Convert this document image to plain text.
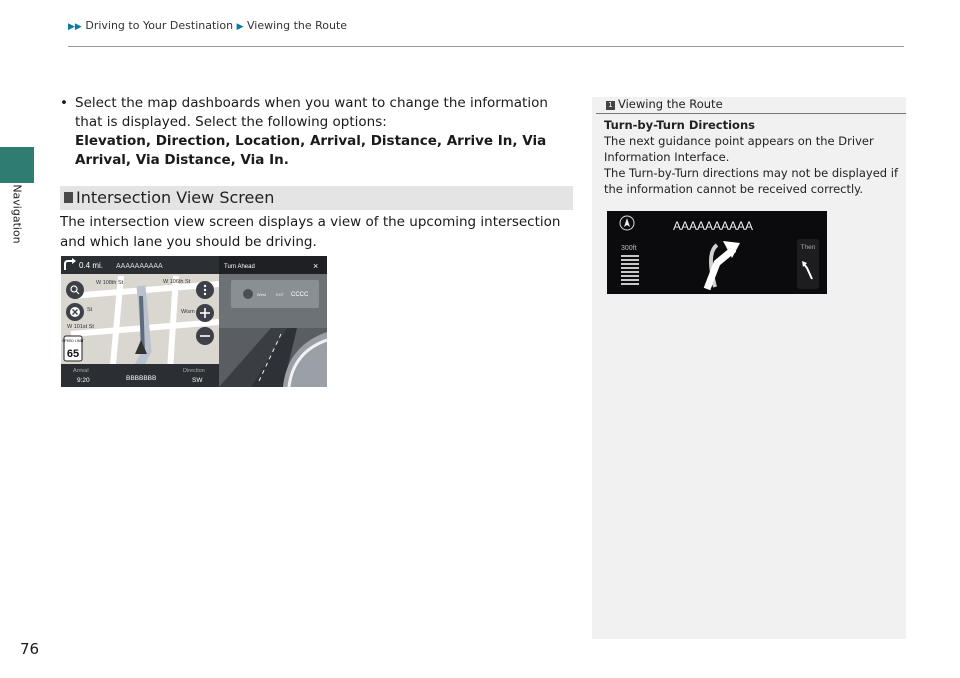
▶▶ Driving to Your Destination ▶ Viewing the Route
Navigation
76
• Select the map dashboards when you want to change the information that is displayed. Select the following options:
Elevation, Direction, Location, Arrival, Distance, Arrive In, Via Arrival, Via Distance, Via In.
Intersection View Screen
The intersection view screen displays a view of the upcoming intersection and which lane you should be driving.
0.4 mi. AAAAAAAAAA
W 108th St	W 106th St
St
W 101st St
Wism
SPEED LIMIT
65
Arrival
9:20	BBBBBBB
Direction
SW
Turn Ahead	×
West	EXIT CCCC
1 Viewing the Route
Turn-by-Turn Directions
The next guidance point appears on the Driver Information Interface.
The Turn-by-Turn directions may not be displayed if the information cannot be received correctly.
AAAAAAAAAA
300ft	Then
